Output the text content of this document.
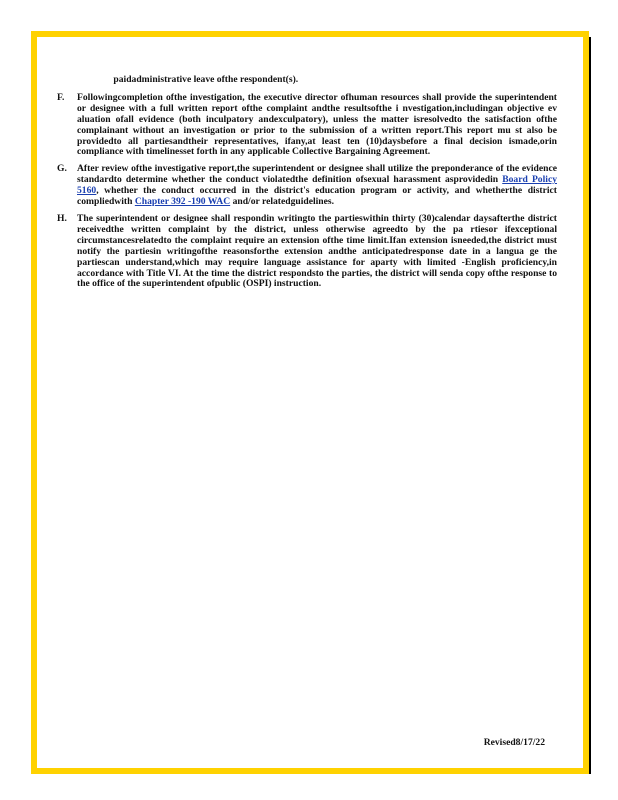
paidadministrative leave ofthe respondent(s).
F. Followingcompletion ofthe investigation, the executive director ofhuman resources shall provide the superintendent or designee with a full written report ofthe complaint andthe resultsofthe i nvestigation,includingan objective ev aluation ofall evidence (both inculpatory andexculpatory), unless the matter isresolvedto the satisfaction ofthe complainant without an investigation or prior to the submission of a written report.This report mu st also be providedto all partiesandtheir representatives, ifany,at least ten (10)daysbefore a final decision ismade,orin compliance with timelinesset forth in any applicable Collective Bargaining Agreement.
G. After review ofthe investigative report,the superintendent or designee shall utilize the preponderance of the evidence standardto determine whether the conduct violatedthe definition ofsexual harassment asprovidedin Board Policy 5160, whether the conduct occurred in the district's education program or activity, and whetherthe district compliedwith Chapter 392 -190 WAC and/or relatedguidelines.
H. The superintendent or designee shall respondin writingto the partieswithin thirty (30)calendar daysafterthe district receivedthe written complaint by the district, unless otherwise agreedto by the pa rtiesor ifexceptional circumstancesrelatedto the complaint require an extension ofthe time limit.Ifan extension isneeded,the district must notify the partiesin writingofthe reasonsforthe extension andthe anticipatedresponse date in a langua ge the partiescan understand,which may require language assistance for aparty with limited -English proficiency,in accordance with Title VI. At the time the district respondsto the parties, the district will senda copy ofthe response to the office of the superintendent ofpublic (OSPI) instruction.
Revised8/17/22
